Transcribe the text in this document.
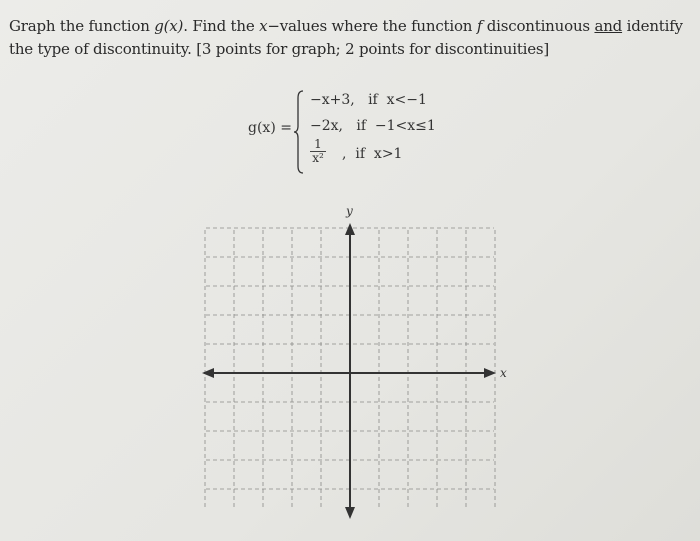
Graph the function g(x). Find the x−values where the function f discontinuous and identify the type of discontinuity. [3 points for graph; 2 points for discontinuities]
g(x) =
−x+3, if  x<−1
−2x, if  −1<x≤1
$\frac{1}{\text{x²}}$ , if  x>1
y
x
